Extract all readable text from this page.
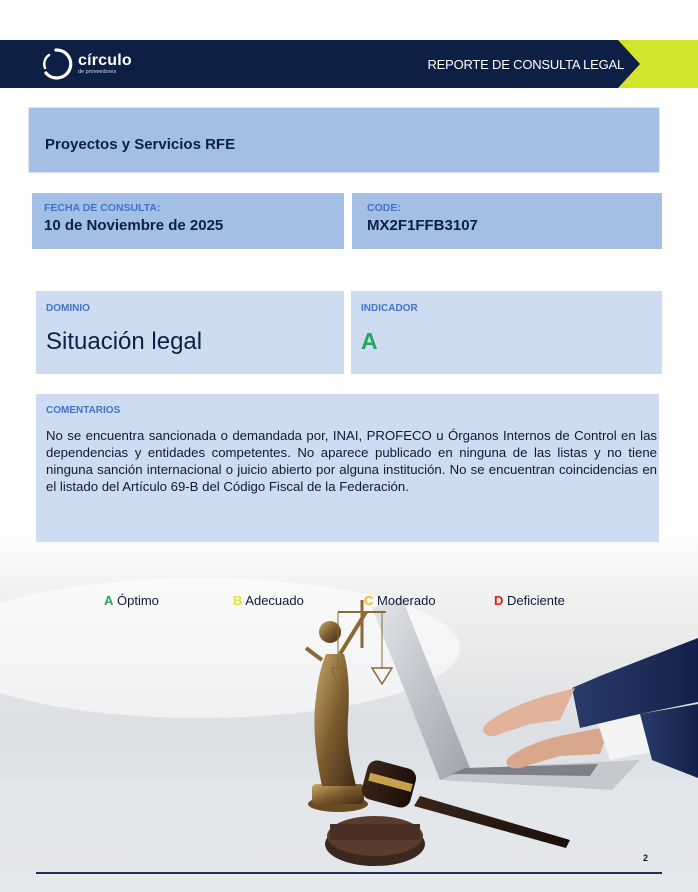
círculo
de proveedores	REPORTE DE CONSULTA LEGAL
Proyectos y Servicios RFE
FECHA DE CONSULTA:
10 de Noviembre de 2025
CODE:
MX2F1FFB3107
DOMINIO
Situación legal
INDICADOR
A
COMENTARIOS
No se encuentra sancionada o demandada por, INAI, PROFECO u Órganos Internos de Control en las dependencias y entidades competentes. No aparece publicado en ninguna de las listas y no tiene ninguna sanción internacional o juicio abierto por alguna institución. No se encuentran coincidencias en el listado del Artículo 69-B del Código Fiscal de la Federación.
A Óptimo	B Adecuado	C Moderado	D Deficiente
2
